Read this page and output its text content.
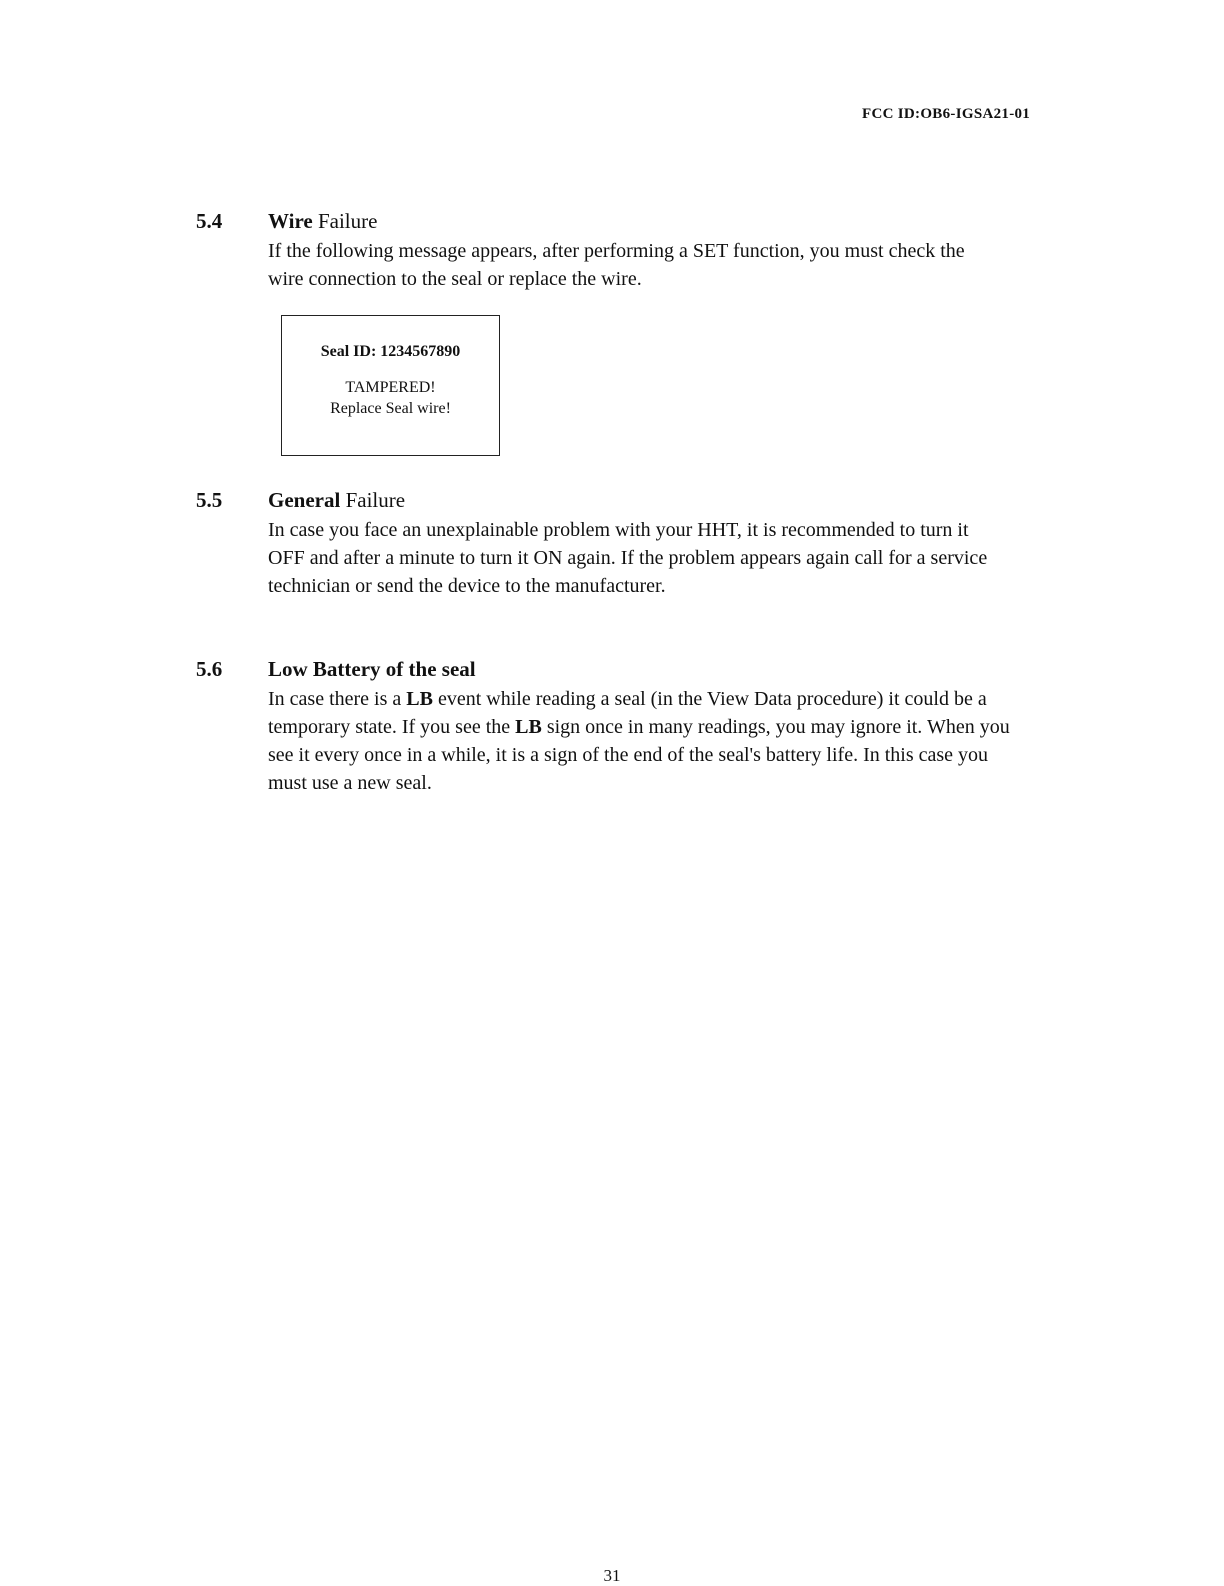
FCC ID:OB6-IGSA21-01
5.4 Wire Failure

If the following message appears, after performing a SET function, you must check the wire connection to the seal or replace the wire.

Seal ID: 1234567890
TAMPERED!
Replace Seal wire!
5.5 General Failure

In case you face an unexplainable problem with your HHT, it is recommended to turn it OFF and after a minute to turn it ON again. If the problem appears again call for a service technician or send the device to the manufacturer.

5.6 Low Battery of the seal

In case there is a LB event while reading a seal (in the View Data procedure) it could be a temporary state. If you see the LB sign once in many readings, you may ignore it. When you see it every once in a while, it is a sign of the end of the seal's battery life. In this case you must use a new seal.

31
